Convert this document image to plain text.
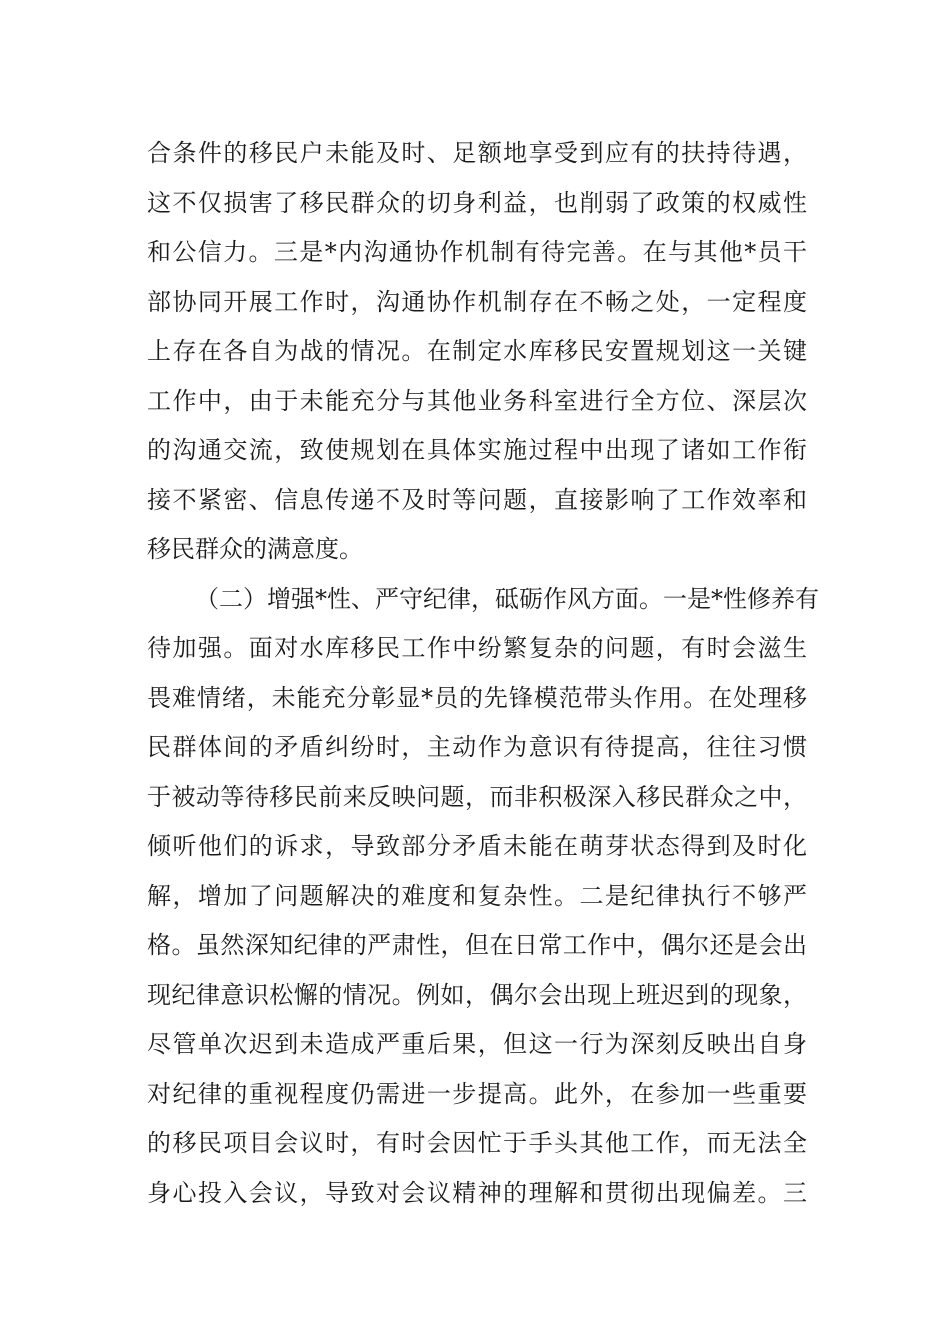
合条件的移民户未能及时、足额地享受到应有的扶持待遇，
这不仅损害了移民群众的切身利益，也削弱了政策的权威性
和公信力。三是*内沟通协作机制有待完善。在与其他*员干
部协同开展工作时，沟通协作机制存在不畅之处，一定程度
上存在各自为战的情况。在制定水库移民安置规划这一关键
工作中，由于未能充分与其他业务科室进行全方位、深层次
的沟通交流，致使规划在具体实施过程中出现了诸如工作衔
接不紧密、信息传递不及时等问题，直接影响了工作效率和
移民群众的满意度。
（二）增强*性、严守纪律，砥砺作风方面。一是*性修养有
待加强。面对水库移民工作中纷繁复杂的问题，有时会滋生
畏难情绪，未能充分彰显*员的先锋模范带头作用。在处理移
民群体间的矛盾纠纷时，主动作为意识有待提高，往往习惯
于被动等待移民前来反映问题，而非积极深入移民群众之中，
倾听他们的诉求，导致部分矛盾未能在萌芽状态得到及时化
解，增加了问题解决的难度和复杂性。二是纪律执行不够严
格。虽然深知纪律的严肃性，但在日常工作中，偶尔还是会出
现纪律意识松懈的情况。例如，偶尔会出现上班迟到的现象，
尽管单次迟到未造成严重后果，但这一行为深刻反映出自身
对纪律的重视程度仍需进一步提高。此外，在参加一些重要
的移民项目会议时，有时会因忙于手头其他工作，而无法全
身心投入会议，导致对会议精神的理解和贯彻出现偏差。三
